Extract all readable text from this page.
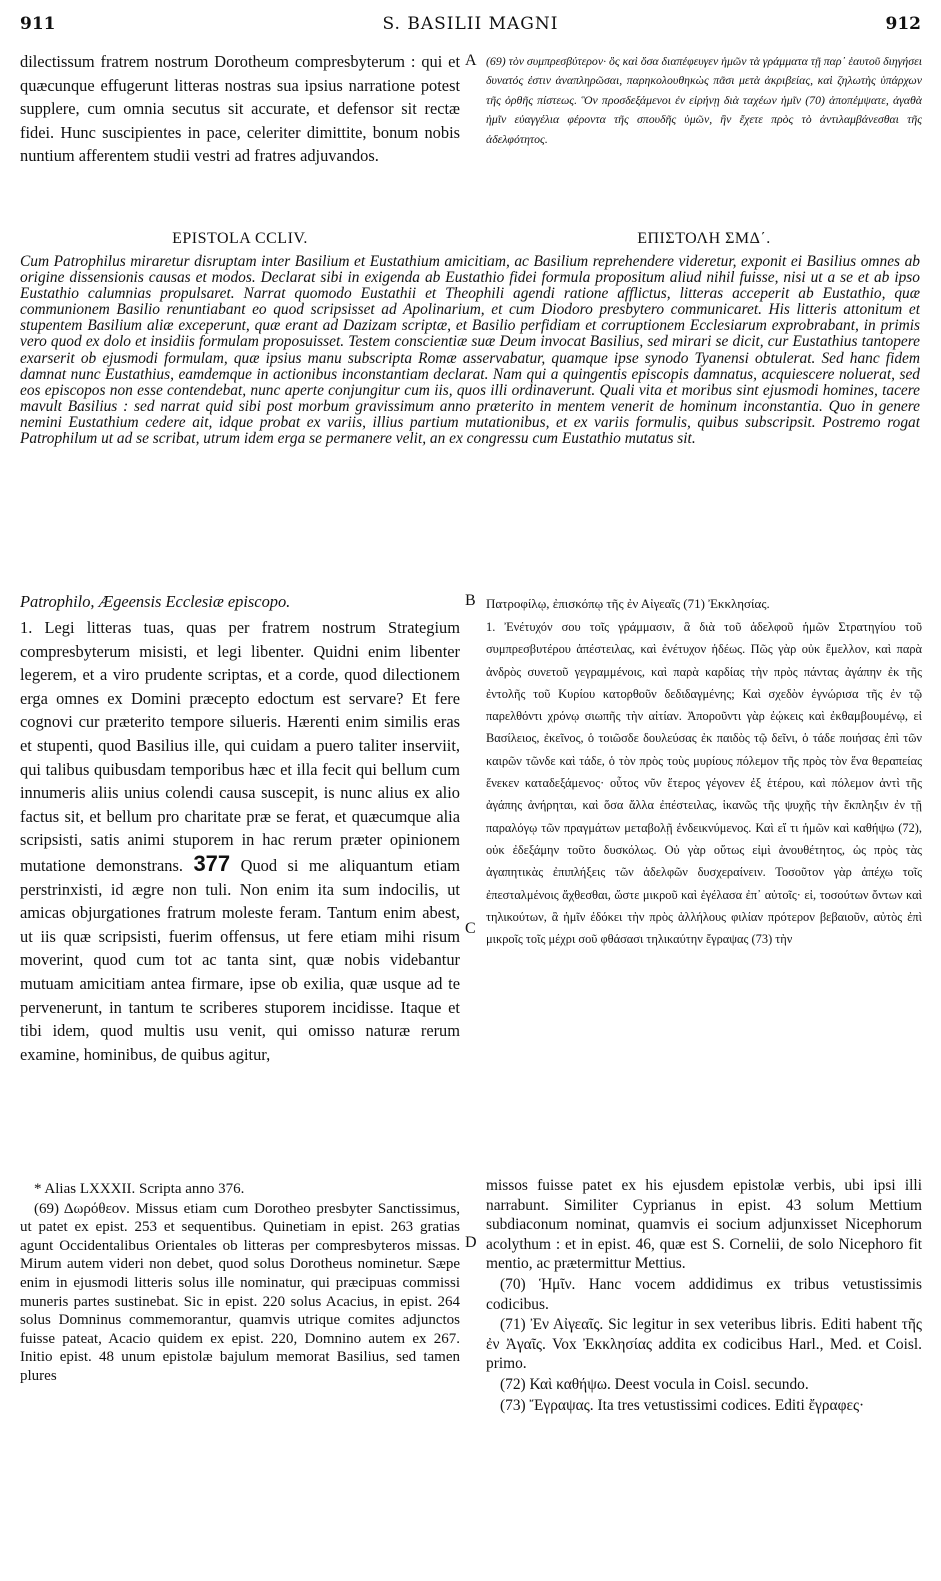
911	S. BASILII MAGNI	912
dilectissum fratrem nostrum Dorotheum compresbyterum : qui et quæcunque effugerunt litteras nostras sua ipsius narratione potest supplere, cum omnia secutus sit accurate, et defensor sit rectæ fidei. Hunc suscipientes in pace, celeriter dimittite, bonum nobis nuntium afferentem studii vestri ad fratres adjuvandos.
A (69) τὸν συμπρεσβύτερον· ὃς καὶ ὅσα διαπέφευγεν ἡμῶν τὰ γράμματα τῇ παρ᾽ ἑαυτοῦ διηγήσει δυνατός ἐστιν ἀναπληρῶσαι, παρηκολουθηκὼς πᾶσι μετὰ ἀκριβείας, καὶ ζηλωτὴς ὑπάρχων τῆς ὀρθῆς πίστεως. Ὃν προσδεξάμενοι ἐν εἰρήνῃ διὰ ταχέων ἡμῖν (70) ἀποπέμψατε, ἀγαθὰ ἡμῖν εὐαγγέλια φέροντα τῆς σπουδῆς ὑμῶν, ἣν ἔχετε πρὸς τὸ ἀντιλαμβάνεσθαι τῆς ἀδελφότητος.
EPISTOLA CCLIV.	ΕΠΙΣΤΟΛΗ ΣΜΔ΄.
Cum Patrophilus miraretur disruptam inter Basilium et Eustathium amicitiam, ac Basilium reprehendere videretur, exponit ei Basilius omnes ab origine dissensionis causas et modos. Declarat sibi in exigenda ab Eustathio fidei formula propositum aliud nihil fuisse, nisi ut a se et ab ipso Eustathio calumnias propulsaret. Narrat quomodo Eustathii et Theophili agendi ratione afflictus, litteras acceperit ab Eustathio, quæ communionem Basilio renuntiabant eo quod scripsisset ad Apolinarium, et cum Diodoro presbytero communicaret. His litteris attonitum et stupentem Basilium aliæ exceperunt, quæ erant ad Dazizam scriptæ, et Basilio perfidiam et corruptionem Ecclesiarum exprobrabant, in primis vero quod ex dolo et insidiis formulam proposuisset. Testem conscientiæ suæ Deum invocat Basilius, sed mirari se dicit, cur Eustathius tantopere exarserit ob ejusmodi formulam, quæ ipsius manu subscripta Romæ asservabatur, quamque ipse synodo Tyanensi obtulerat. Sed hanc fidem damnat nunc Eustathius, eamdemque in actionibus inconstantiam declarat. Nam qui a quingentis episcopis damnatus, acquiescere noluerat, sed eos episcopos non esse contendebat, nunc aperte conjungitur cum iis, quos illi ordinaverunt. Quali vita et moribus sint ejusmodi homines, tacere mavult Basilius : sed narrat quid sibi post morbum gravissimum anno præterito in mentem venerit de hominum inconstantia. Quo in genere nemini Eustathium cedere ait, idque probat ex variis, illius partium mutationibus, et ex variis formulis, quibus subscripsit. Postremo rogat Patrophilum ut ad se scribat, utrum idem erga se permanere velit, an ex congressu cum Eustathio mutatus sit.
Patrophilo, Ægeensis Ecclesiæ episcopo.	B Πατροφίλῳ, ἐπισκόπῳ τῆς ἐν Αἰγεαῖς (71) Ἐκκλησίας.
1. Legi litteras tuas, quas per fratrem nostrum Strategium compresbyterum misisti, et legi libenter. Quidni enim libenter legerem, et a viro prudente scriptas, et a corde, quod dilectionem erga omnes ex Domini præcepto edoctum est servare? Et fere cognovi cur præterito tempore silueris. Hærenti enim similis eras et stupenti, quod Basilius ille, qui cuidam a puero taliter inserviit, qui talibus quibusdam temporibus hæc et illa fecit qui bellum cum innumeris aliis unius colendi causa suscepit, is nunc alius ex alio factus sit, et bellum pro charitate præ se ferat, et quæcumque alia scripsisti, satis animi stuporem in hac rerum præter opinionem mutatione demonstrans. 377 Quod si me aliquantum etiam perstrinxisti, id ægre non tuli. Non enim ita sum indocilis, ut amicas objurgationes fratrum moleste feram. Tantum enim abest, ut iis quæ scripsisti, fuerim offensus, ut fere etiam mihi risum moverint, quod cum tot ac tanta sint, quæ nobis videbantur mutuam amicitiam antea firmare, ipse ob exilia, quæ usque ad te pervenerunt, in tantum te scriberes stuporem incidisse. Itaque et tibi idem, quod multis usu venit, qui omisso naturæ rerum examine, hominibus, de quibus agitur,
C
1. Ἐνέτυχόν σου τοῖς γράμμασιν, ἃ διὰ τοῦ ἀδελφοῦ ἡμῶν Στρατηγίου τοῦ συμπρεσβυτέρου ἀπέστειλας, καὶ ἐνέτυχον ἡδέως. Πῶς γὰρ οὐκ ἔμελλον, καὶ παρὰ ἀνδρὸς συνετοῦ γεγραμμένοις, καὶ παρὰ καρδίας τὴν πρὸς πάντας ἀγάπην ἐκ τῆς ἐντολῆς τοῦ Κυρίου κατορθοῦν δεδιδαγμένης; Καὶ σχεδὸν ἐγνώρισα τῆς ἐν τῷ παρελθόντι χρόνῳ σιωπῆς τὴν αἰτίαν. Ἀποροῦντι γὰρ ἐῴκεις καὶ ἐκθαμβουμένῳ, εἰ Βασίλειος, ἐκεῖνος, ὁ τοιῶσδε δουλεύσας ἐκ παιδὸς τῷ δεῖνι, ὁ τάδε ποιήσας ἐπὶ τῶν καιρῶν τῶνδε καὶ τάδε, ὁ τὸν πρὸς τοὺς μυρίους πόλεμον τῆς πρὸς τὸν ἕνα θεραπείας ἕνεκεν καταδεξάμενος· οὗτος νῦν ἕτερος γέγονεν ἐξ ἑτέρου, καὶ πόλεμον ἀντὶ τῆς ἀγάπης ἀνήρηται, καὶ ὅσα ἄλλα ἐπέστειλας, ἱκανῶς τῆς ψυχῆς τὴν ἔκπληξιν ἐν τῇ παραλόγῳ τῶν πραγμάτων μεταβολῇ ἐνδεικνύμενος. Καὶ εἴ τι ἡμῶν καὶ καθήψω (72), οὐκ ἐδεξάμην τοῦτο δυσκόλως. Οὐ γὰρ οὕτως εἰμὶ ἀνουθέτητος, ὡς πρὸς τὰς ἀγαπητικὰς ἐπιπλήξεις τῶν ἀδελφῶν δυσχεραίνειν. Τοσοῦτον γὰρ ἀπέχω τοῖς ἐπεσταλμένοις ἄχθεσθαι, ὥστε μικροῦ καὶ ἐγέλασα ἐπ᾽ αὐτοῖς· εἰ, τοσούτων ὄντων καὶ τηλικούτων, ἃ ἡμῖν ἐδόκει τὴν πρὸς ἀλλήλους φιλίαν πρότερον βεβαιοῦν, αὐτὸς ἐπὶ μικροῖς τοῖς μέχρι σοῦ φθάσασι τηλικαύτην ἔγραψας (73) τὴν

* Alias LXXXII. Scripta anno 376.

(69) Δωρόθεον. Missus etiam cum Dorotheo presbyter Sanctissimus, ut patet ex epist. 253 et sequentibus. Quinetiam in epist. 263 gratias agunt Occidentalibus Orientales ob litteras per compresbyteros missas. Mirum autem videri non debet, quod solus Dorotheus nominetur. Sæpe enim in ejusmodi litteris solus ille nominatur, qui præcipuas commissi muneris partes sustinebat. Sic in epist. 220 solus Acacius, in epist. 264 solus Domninus commemorantur, quamvis utrique comites adjunctos fuisse pateat, Acacio quidem ex epist. 220, Domnino autem ex 267. Initio epist. 48 unum epistolæ bajulum memorat Basilius, sed tamen plures

D

missos fuisse patet ex his ejusdem epistolæ verbis, ubi ipsi illi narrabunt. Similiter Cyprianus in epist. 43 solum Mettium subdiaconum nominat, quamvis ei socium adjunxisset Nicephorum acolythum : et in epist. 46, quæ est S. Cornelii, de solo Nicephoro fit mentio, ac prætermittur Mettius.

(70) Ἡμῖν. Hanc vocem addidimus ex tribus vetustissimis codicibus.

(71) Ἐν Αἰγεαῖς. Sic legitur in sex veteribus libris. Editi habent τῆς ἐν Ἀγαῖς. Vox Ἐκκλησίας addita ex codicibus Harl., Med. et Coisl. primo.

(72) Καὶ καθήψω. Deest vocula in Coisl. secundo.

(73) Ἔγραψας. Ita tres vetustissimi codices. Editi ἔγραφες·
